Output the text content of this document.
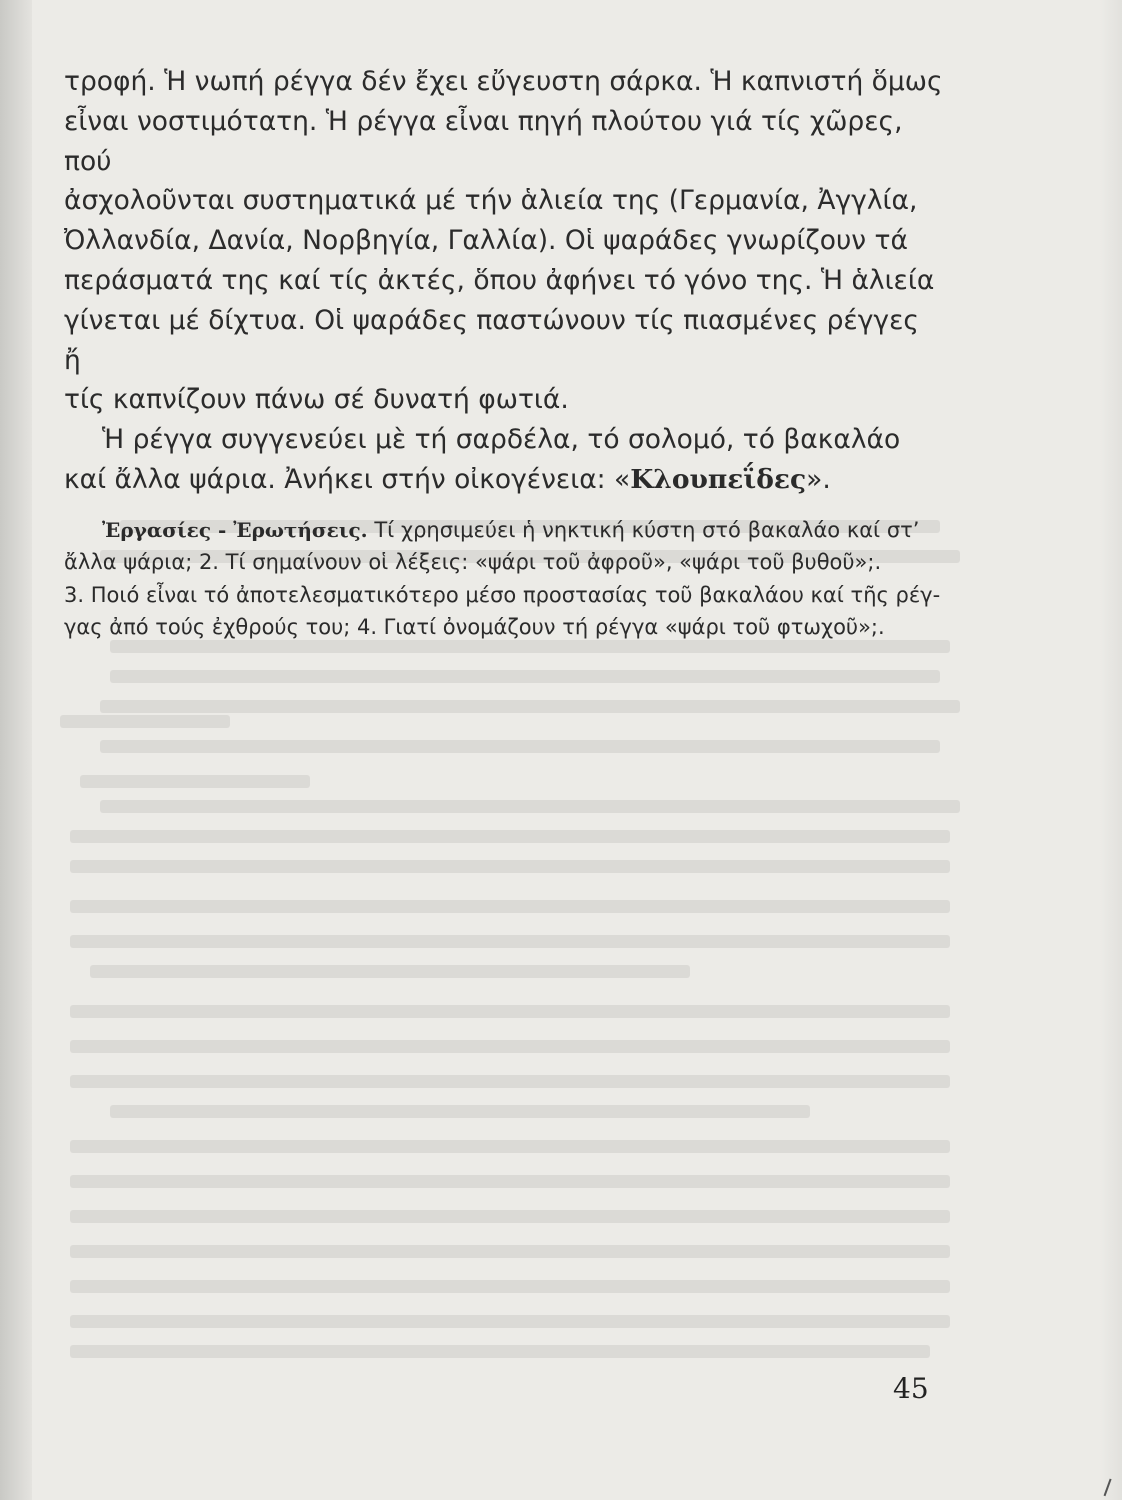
τροφή. Ἡ νωπή ρέγγα δέν ἔχει εὔγευστη σάρκα. Ἡ καπνιστή ὅμως

εἶναι νοστιμότατη. Ἡ ρέγγα εἶναι πηγή πλούτου γιά τίς χῶρες, πού

ἀσχολοῦνται συστηματικά μέ τήν ἁλιεία της (Γερμανία, Ἀγγλία,

Ὀλλανδία, Δανία, Νορβηγία, Γαλλία). Οἱ ψαράδες γνωρίζουν τά

περάσματά της καί τίς ἀκτές, ὅπου ἀφήνει τό γόνο της. Ἡ ἁλιεία

γίνεται μέ δίχτυα. Οἱ ψαράδες παστώνουν τίς πιασμένες ρέγγες ἤ

τίς καπνίζουν πάνω σέ δυνατή φωτιά.

Ἡ ρέγγα συγγενεύει μὲ τή σαρδέλα, τό σολομό, τό βακαλάο

καί ἄλλα ψάρια. Ἀνήκει στήν οἰκογένεια: «Κλουπεΐδες».

Ἐργασίες - Ἐρωτήσεις. Τί χρησιμεύει ἡ νηκτική κύστη στό βακαλάο καί στ’

ἄλλα ψάρια; 2. Τί σημαίνουν οἱ λέξεις: «ψάρι τοῦ ἀφροῦ», «ψάρι τοῦ βυθοῦ»;.

3. Ποιό εἶναι τό ἀποτελεσματικότερο μέσο προστασίας τοῦ βακαλάου καί τῆς ρέγ-

γας ἀπό τούς ἐχθρούς του; 4. Γιατί ὀνομάζουν τή ρέγγα «ψάρι τοῦ φτωχοῦ»;.

45
